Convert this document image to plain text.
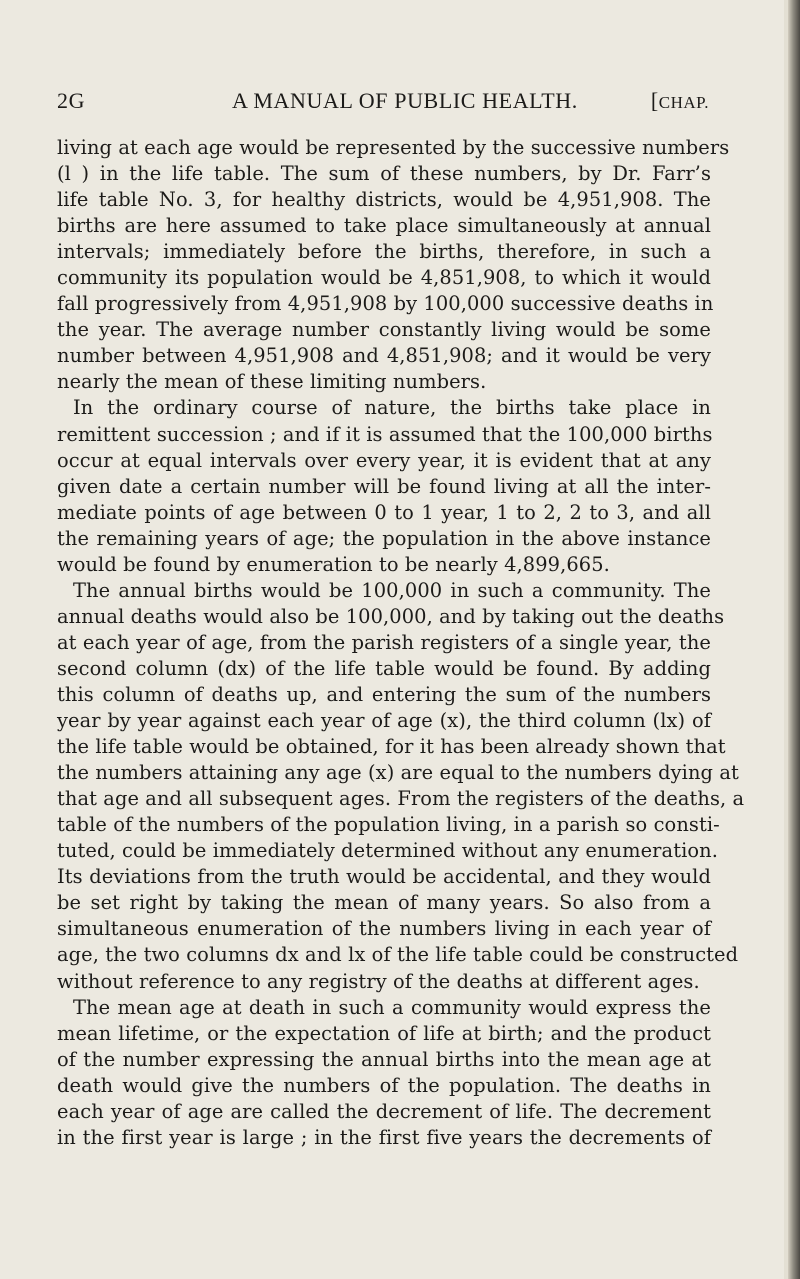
2G	A MANUAL OF PUBLIC HEALTH.	[CHAP.
living at each age would be represented by the successive numbers
(l ) in the life table. The sum of these numbers, by Dr. Farr’s
life table No. 3, for healthy districts, would be 4,951,908. The
births are here assumed to take place simultaneously at annual
intervals; immediately before the births, therefore, in such a
community its population would be 4,851,908, to which it would
fall progressively from 4,951,908 by 100,000 successive deaths in
the year. The average number constantly living would be some
number between 4,951,908 and 4,851,908; and it would be very
nearly the mean of these limiting numbers.
In the ordinary course of nature, the births take place in
remittent succession ; and if it is assumed that the 100,000 births
occur at equal intervals over every year, it is evident that at any
given date a certain number will be found living at all the inter-
mediate points of age between 0 to 1 year, 1 to 2, 2 to 3, and all
the remaining years of age; the population in the above instance
would be found by enumeration to be nearly 4,899,665.
The annual births would be 100,000 in such a community. The
annual deaths would also be 100,000, and by taking out the deaths
at each year of age, from the parish registers of a single year, the
second column (dx) of the life table would be found. By adding
this column of deaths up, and entering the sum of the numbers
year by year against each year of age (x), the third column (lx) of
the life table would be obtained, for it has been already shown that
the numbers attaining any age (x) are equal to the numbers dying at
that age and all subsequent ages. From the registers of the deaths, a
table of the numbers of the population living, in a parish so consti-
tuted, could be immediately determined without any enumeration.
Its deviations from the truth would be accidental, and they would
be set right by taking the mean of many years. So also from a
simultaneous enumeration of the numbers living in each year of
age, the two columns dx and lx of the life table could be constructed
without reference to any registry of the deaths at different ages.
The mean age at death in such a community would express the
mean lifetime, or the expectation of life at birth; and the product
of the number expressing the annual births into the mean age at
death would give the numbers of the population. The deaths in
each year of age are called the decrement of life. The decrement
in the first year is large ; in the first five years the decrements of
